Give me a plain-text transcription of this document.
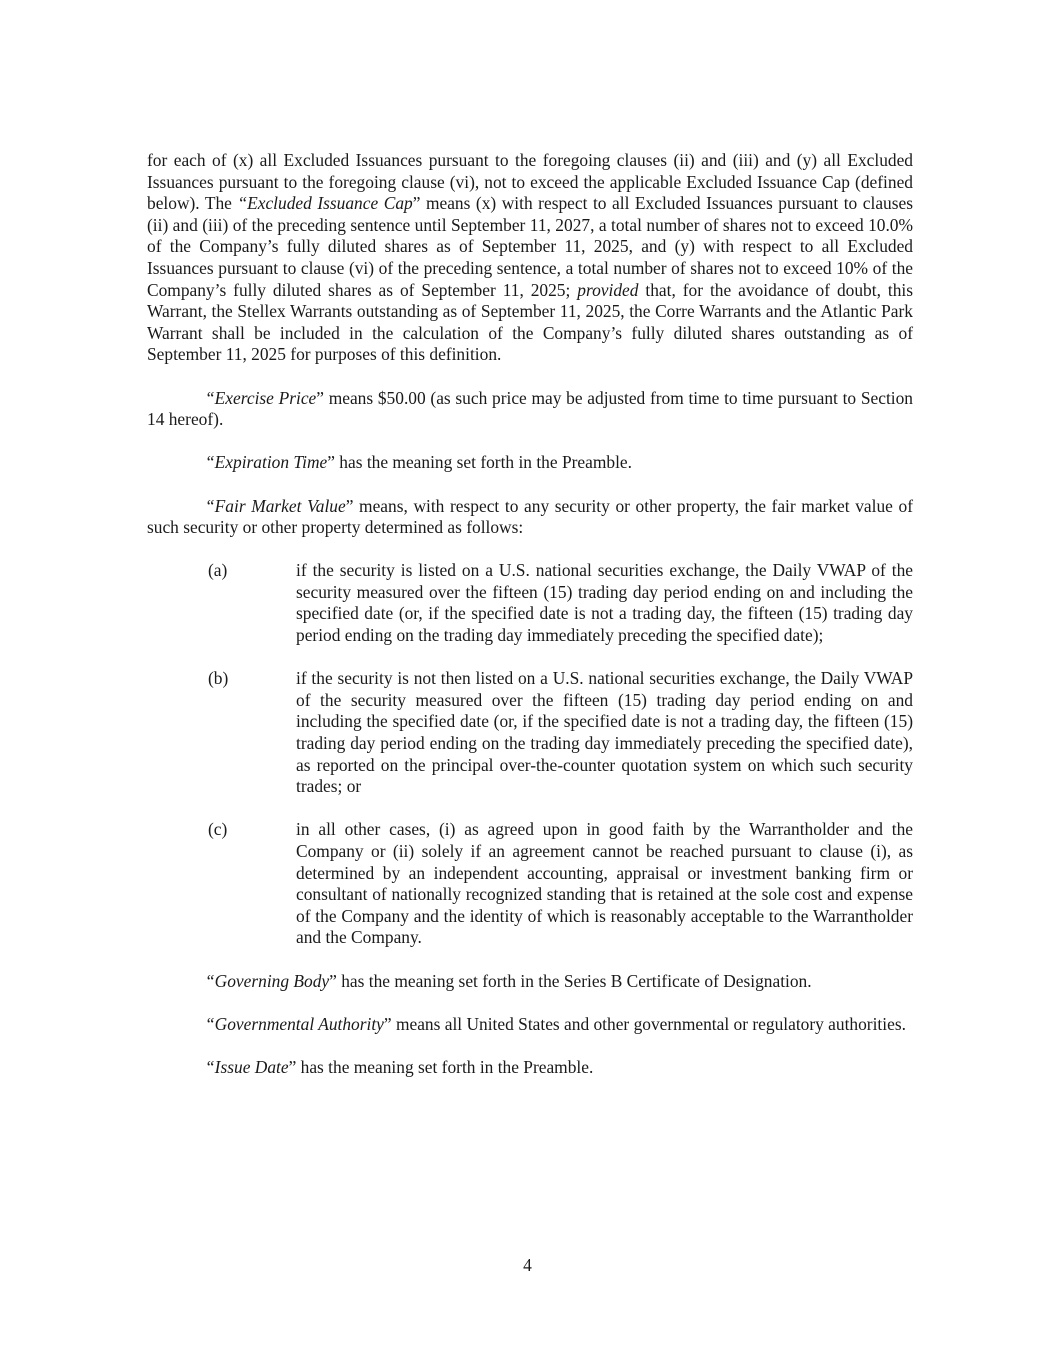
for each of (x) all Excluded Issuances pursuant to the foregoing clauses (ii) and (iii) and (y) all Excluded Issuances pursuant to the foregoing clause (vi), not to exceed the applicable Excluded Issuance Cap (defined below). The “Excluded Issuance Cap” means (x) with respect to all Excluded Issuances pursuant to clauses (ii) and (iii) of the preceding sentence until September 11, 2027, a total number of shares not to exceed 10.0% of the Company’s fully diluted shares as of September 11, 2025, and (y) with respect to all Excluded Issuances pursuant to clause (vi) of the preceding sentence, a total number of shares not to exceed 10% of the Company’s fully diluted shares as of September 11, 2025; provided that, for the avoidance of doubt, this Warrant, the Stellex Warrants outstanding as of September 11, 2025, the Corre Warrants and the Atlantic Park Warrant shall be included in the calculation of the Company’s fully diluted shares outstanding as of September 11, 2025 for purposes of this definition.

“Exercise Price” means $50.00 (as such price may be adjusted from time to time pursuant to Section 14 hereof).

“Expiration Time” has the meaning set forth in the Preamble.

“Fair Market Value” means, with respect to any security or other property, the fair market value of such security or other property determined as follows:

(a)	if the security is listed on a U.S. national securities exchange, the Daily VWAP of the security measured over the fifteen (15) trading day period ending on and including the specified date (or, if the specified date is not a trading day, the fifteen (15) trading day period ending on the trading day immediately preceding the specified date);

(b)	if the security is not then listed on a U.S. national securities exchange, the Daily VWAP of the security measured over the fifteen (15) trading day period ending on and including the specified date (or, if the specified date is not a trading day, the fifteen (15) trading day period ending on the trading day immediately preceding the specified date), as reported on the principal over-the-counter quotation system on which such security trades; or

(c)	in all other cases, (i) as agreed upon in good faith by the Warrantholder and the Company or (ii) solely if an agreement cannot be reached pursuant to clause (i), as determined by an independent accounting, appraisal or investment banking firm or consultant of nationally recognized standing that is retained at the sole cost and expense of the Company and the identity of which is reasonably acceptable to the Warrantholder and the Company.

“Governing Body” has the meaning set forth in the Series B Certificate of Designation.

“Governmental Authority” means all United States and other governmental or regulatory authorities.

“Issue Date” has the meaning set forth in the Preamble.

4
